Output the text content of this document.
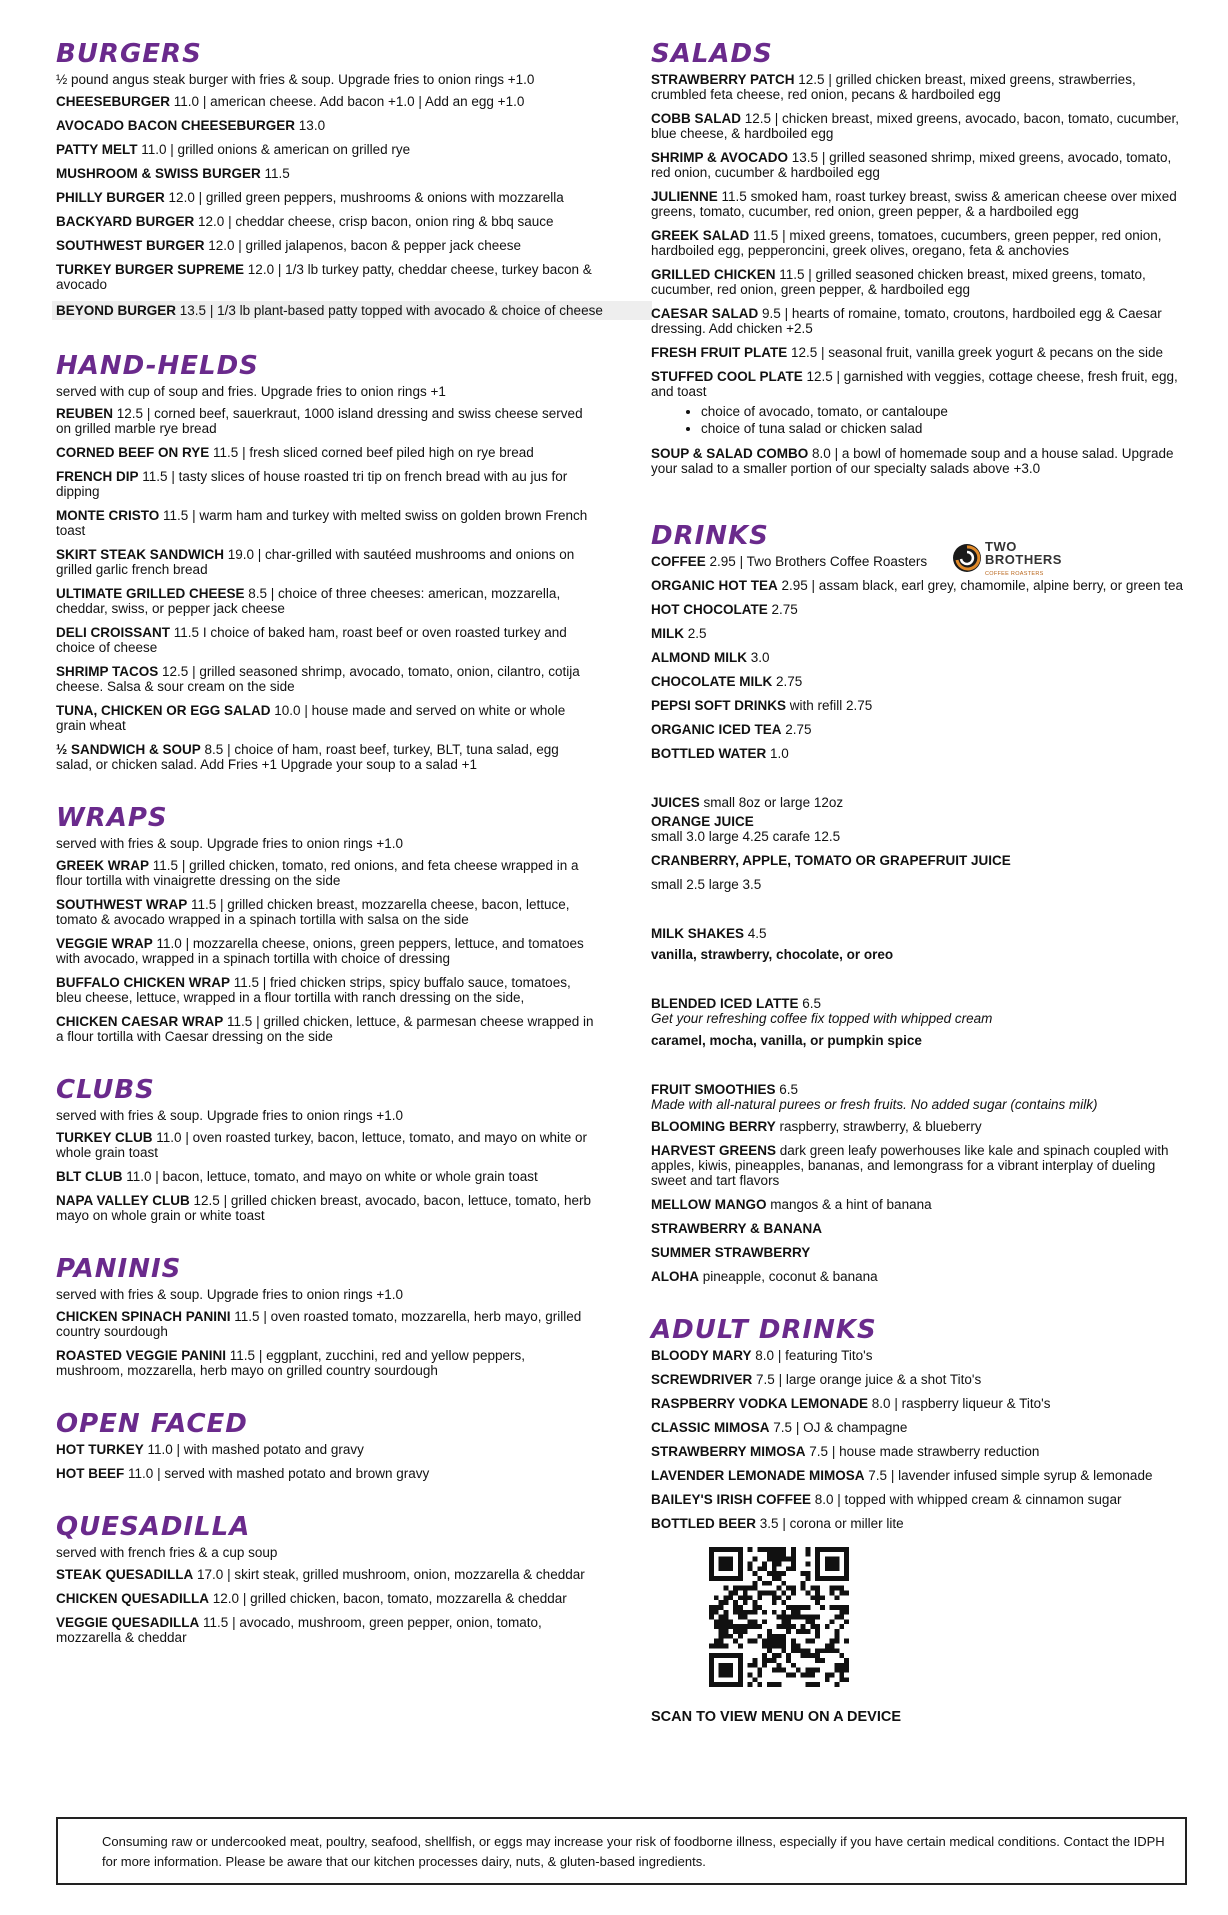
BURGERS
½ pound angus steak burger with fries & soup. Upgrade fries to onion rings +1.0
CHEESEBURGER 11.0 | american cheese. Add bacon +1.0 | Add an egg +1.0
AVOCADO BACON CHEESEBURGER 13.0
PATTY MELT 11.0 | grilled onions & american on grilled rye
MUSHROOM & SWISS BURGER 11.5
PHILLY BURGER 12.0 | grilled green peppers, mushrooms & onions with mozzarella
BACKYARD BURGER 12.0 | cheddar cheese, crisp bacon, onion ring & bbq sauce
SOUTHWEST BURGER 12.0 | grilled jalapenos, bacon & pepper jack cheese
TURKEY BURGER SUPREME 12.0 | 1/3 lb turkey patty, cheddar cheese, turkey bacon & avocado
BEYOND BURGER 13.5 | 1/3 lb plant-based patty topped with avocado & choice of cheese
HAND-HELDS
served with cup of soup and fries. Upgrade fries to onion rings +1
REUBEN 12.5 | corned beef, sauerkraut, 1000 island dressing and swiss cheese served on grilled marble rye bread
CORNED BEEF ON RYE 11.5 | fresh sliced corned beef piled high on rye bread
FRENCH DIP 11.5 | tasty slices of house roasted tri tip on french bread with au jus for dipping
MONTE CRISTO 11.5 | warm ham and turkey with melted swiss on golden brown French toast
SKIRT STEAK SANDWICH 19.0 | char-grilled with sautéed mushrooms and onions on grilled garlic french bread
ULTIMATE GRILLED CHEESE 8.5 | choice of three cheeses: american, mozzarella, cheddar, swiss, or pepper jack cheese
DELI CROISSANT 11.5 I choice of baked ham, roast beef or oven roasted turkey and choice of cheese
SHRIMP TACOS 12.5 | grilled seasoned shrimp, avocado, tomato, onion, cilantro, cotija cheese. Salsa & sour cream on the side
TUNA, CHICKEN OR EGG SALAD 10.0 | house made and served on white or whole grain wheat
½ SANDWICH & SOUP 8.5 | choice of ham, roast beef, turkey, BLT, tuna salad, egg salad, or chicken salad. Add Fries +1 Upgrade your soup to a salad +1
WRAPS
served with fries & soup. Upgrade fries to onion rings +1.0
GREEK WRAP 11.5 | grilled chicken, tomato, red onions, and feta cheese wrapped in a flour tortilla with vinaigrette dressing on the side
SOUTHWEST WRAP 11.5 | grilled chicken breast, mozzarella cheese, bacon, lettuce, tomato & avocado wrapped in a spinach tortilla with salsa on the side
VEGGIE WRAP 11.0 | mozzarella cheese, onions, green peppers, lettuce, and tomatoes with avocado, wrapped in a spinach tortilla with choice of dressing
BUFFALO CHICKEN WRAP 11.5 | fried chicken strips, spicy buffalo sauce, tomatoes, bleu cheese, lettuce, wrapped in a flour tortilla with ranch dressing on the side,
CHICKEN CAESAR WRAP 11.5 | grilled chicken, lettuce, & parmesan cheese wrapped in a flour tortilla with Caesar dressing on the side
CLUBS
served with fries & soup. Upgrade fries to onion rings +1.0
TURKEY CLUB 11.0 | oven roasted turkey, bacon, lettuce, tomato, and mayo on white or whole grain toast
BLT CLUB 11.0 | bacon, lettuce, tomato, and mayo on white or whole grain toast
NAPA VALLEY CLUB 12.5 | grilled chicken breast, avocado, bacon, lettuce, tomato, herb mayo on whole grain or white toast
PANINIS
served with fries & soup. Upgrade fries to onion rings +1.0
CHICKEN SPINACH PANINI 11.5 | oven roasted tomato, mozzarella, herb mayo, grilled country sourdough
ROASTED VEGGIE PANINI 11.5 | eggplant, zucchini, red and yellow peppers, mushroom, mozzarella, herb mayo on grilled country sourdough
OPEN FACED
HOT TURKEY 11.0 | with mashed potato and gravy
HOT BEEF 11.0 | served with mashed potato and brown gravy
QUESADILLA
served with french fries & a cup soup
STEAK QUESADILLA 17.0 | skirt steak, grilled mushroom, onion, mozzarella & cheddar
CHICKEN QUESADILLA 12.0 | grilled chicken, bacon, tomato, mozzarella & cheddar
VEGGIE QUESADILLA 11.5 | avocado, mushroom, green pepper, onion, tomato, mozzarella & cheddar
SALADS
STRAWBERRY PATCH 12.5 | grilled chicken breast, mixed greens, strawberries, crumbled feta cheese, red onion, pecans & hardboiled egg
COBB SALAD 12.5 | chicken breast, mixed greens, avocado, bacon, tomato, cucumber, blue cheese, & hardboiled egg
SHRIMP & AVOCADO 13.5 | grilled seasoned shrimp, mixed greens, avocado, tomato, red onion, cucumber & hardboiled egg
JULIENNE 11.5 smoked ham, roast turkey breast, swiss & american cheese over mixed greens, tomato, cucumber, red onion, green pepper, & a hardboiled egg
GREEK SALAD 11.5 | mixed greens, tomatoes, cucumbers, green pepper, red onion, hardboiled egg, pepperoncini, greek olives, oregano, feta & anchovies
GRILLED CHICKEN 11.5 | grilled seasoned chicken breast, mixed greens, tomato, cucumber, red onion, green pepper, & hardboiled egg
CAESAR SALAD 9.5 | hearts of romaine, tomato, croutons, hardboiled egg & Caesar dressing. Add chicken +2.5
FRESH FRUIT PLATE 12.5 | seasonal fruit, vanilla greek yogurt & pecans on the side
STUFFED COOL PLATE 12.5 | garnished with veggies, cottage cheese, fresh fruit, egg, and toast
• choice of avocado, tomato, or cantaloupe
• choice of tuna salad or chicken salad
SOUP & SALAD COMBO 8.0 | a bowl of homemade soup and a house salad. Upgrade your salad to a smaller portion of our specialty salads above +3.0
DRINKS
COFFEE 2.95 | Two Brothers Coffee Roasters
TWO
BROTHERS
COFFEE ROASTERS
ORGANIC HOT TEA 2.95 | assam black, earl grey, chamomile, alpine berry, or green tea
HOT CHOCOLATE 2.75
MILK 2.5
ALMOND MILK 3.0
CHOCOLATE MILK 2.75
PEPSI SOFT DRINKS with refill 2.75
ORGANIC ICED TEA 2.75
BOTTLED WATER 1.0
JUICES small 8oz or large 12oz
ORANGE JUICE
small 3.0 large 4.25 carafe 12.5
CRANBERRY, APPLE, TOMATO OR GRAPEFRUIT JUICE
small 2.5 large 3.5
MILK SHAKES 4.5
vanilla, strawberry, chocolate, or oreo
BLENDED ICED LATTE 6.5
Get your refreshing coffee fix topped with whipped cream
caramel, mocha, vanilla, or pumpkin spice
FRUIT SMOOTHIES 6.5
Made with all-natural purees or fresh fruits. No added sugar (contains milk)
BLOOMING BERRY raspberry, strawberry, & blueberry
HARVEST GREENS dark green leafy powerhouses like kale and spinach coupled with apples, kiwis, pineapples, bananas, and lemongrass for a vibrant interplay of dueling sweet and tart flavors
MELLOW MANGO mangos & a hint of banana
STRAWBERRY & BANANA
SUMMER STRAWBERRY
ALOHA pineapple, coconut & banana
ADULT DRINKS
BLOODY MARY 8.0 | featuring Tito's
SCREWDRIVER 7.5 | large orange juice & a shot Tito's
RASPBERRY VODKA LEMONADE 8.0 | raspberry liqueur & Tito's
CLASSIC MIMOSA 7.5 | OJ & champagne
STRAWBERRY MIMOSA 7.5 | house made strawberry reduction
LAVENDER LEMONADE MIMOSA 7.5 | lavender infused simple syrup & lemonade
BAILEY'S IRISH COFFEE 8.0 | topped with whipped cream & cinnamon sugar
BOTTLED BEER 3.5 | corona or miller lite
SCAN TO VIEW MENU ON A DEVICE
Consuming raw or undercooked meat, poultry, seafood, shellfish, or eggs may increase your risk of foodborne illness, especially if you have certain medical conditions. Contact the IDPH for more information. Please be aware that our kitchen processes dairy, nuts, & gluten-based ingredients.
